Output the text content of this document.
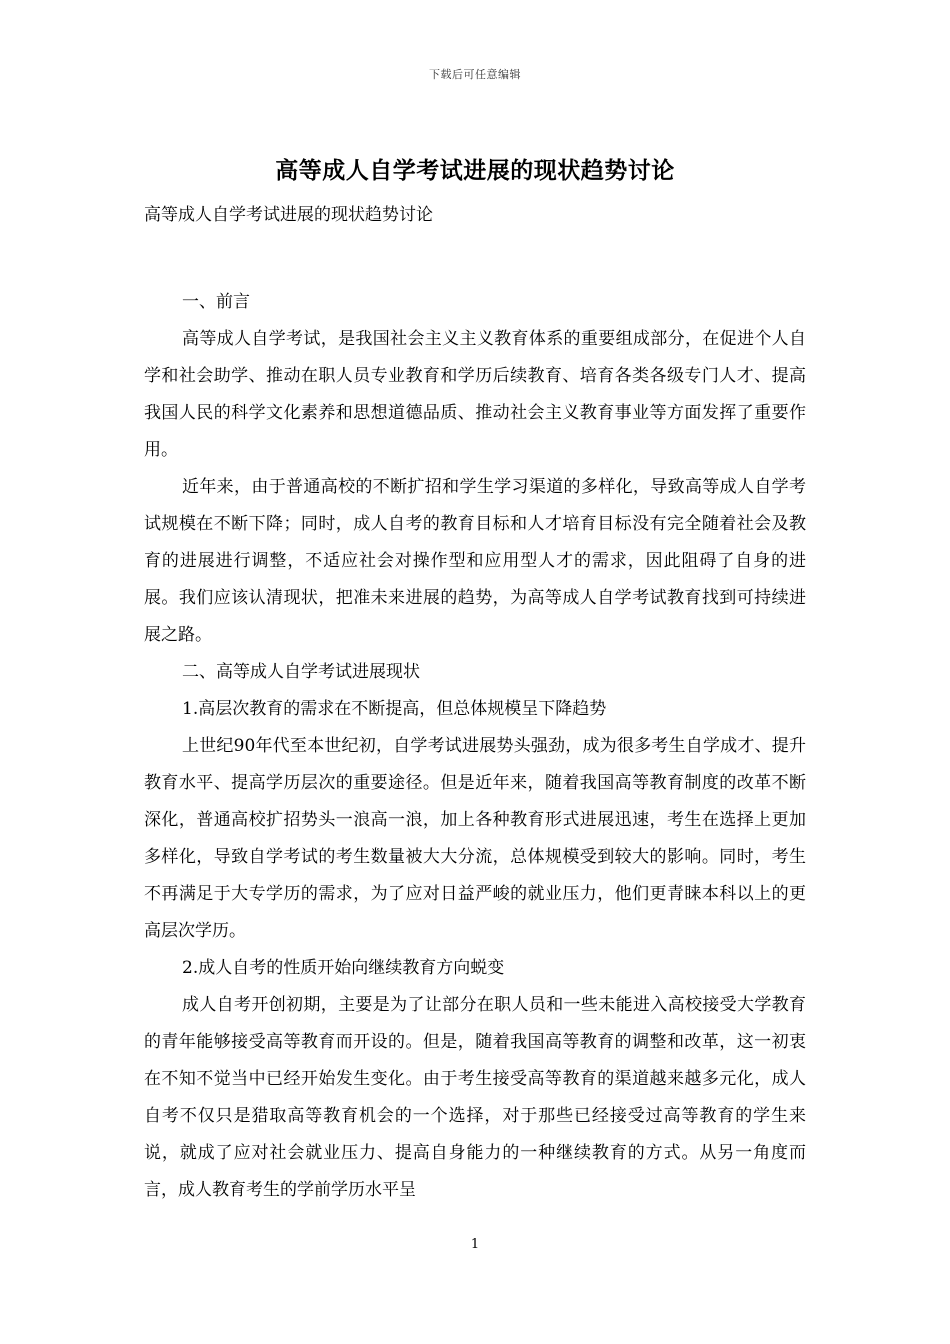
下载后可任意编辑
高等成人自学考试进展的现状趋势讨论

高等成人自学考试进展的现状趋势讨论

一、前言

高等成人自学考试，是我国社会主义主义教育体系的重要组成部分，在促进个人自学和社会助学、推动在职人员专业教育和学历后续教育、培育各类各级专门人才、提高我国人民的科学文化素养和思想道德品质、推动社会主义教育事业等方面发挥了重要作用。

近年来，由于普通高校的不断扩招和学生学习渠道的多样化，导致高等成人自学考试规模在不断下降；同时，成人自考的教育目标和人才培育目标没有完全随着社会及教育的进展进行调整，不适应社会对操作型和应用型人才的需求，因此阻碍了自身的进展。我们应该认清现状，把准未来进展的趋势，为高等成人自学考试教育找到可持续进展之路。

二、高等成人自学考试进展现状

1.高层次教育的需求在不断提高，但总体规模呈下降趋势

上世纪90年代至本世纪初，自学考试进展势头强劲，成为很多考生自学成才、提升教育水平、提高学历层次的重要途径。但是近年来，随着我国高等教育制度的改革不断深化，普通高校扩招势头一浪高一浪，加上各种教育形式进展迅速，考生在选择上更加多样化，导致自学考试的考生数量被大大分流，总体规模受到较大的影响。同时，考生不再满足于大专学历的需求，为了应对日益严峻的就业压力，他们更青睐本科以上的更高层次学历。

2.成人自考的性质开始向继续教育方向蜕变

成人自考开创初期，主要是为了让部分在职人员和一些未能进入高校接受大学教育的青年能够接受高等教育而开设的。但是，随着我国高等教育的调整和改革，这一初衷在不知不觉当中已经开始发生变化。由于考生接受高等教育的渠道越来越多元化，成人自考不仅只是猎取高等教育机会的一个选择，对于那些已经接受过高等教育的学生来说，就成了应对社会就业压力、提高自身能力的一种继续教育的方式。从另一角度而言，成人教育考生的学前学历水平呈

1
